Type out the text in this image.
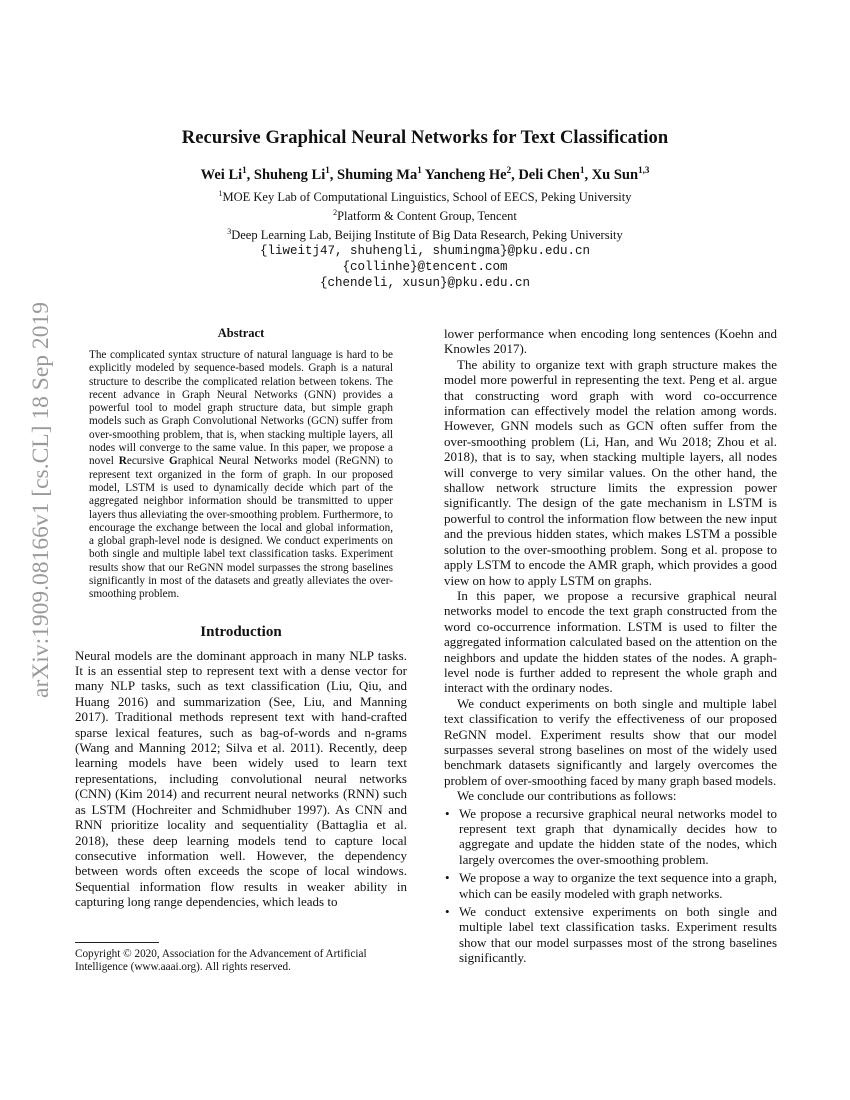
arXiv:1909.08166v1 [cs.CL] 18 Sep 2019
Recursive Graphical Neural Networks for Text Classification
Wei Li$^1$, Shuheng Li$^1$, Shuming Ma$^1$ Yancheng He$^2$, Deli Chen$^1$, Xu Sun$^{1,3}$
$^1$MOE Key Lab of Computational Linguistics, School of EECS, Peking University
$^2$Platform & Content Group, Tencent
$^3$Deep Learning Lab, Beijing Institute of Big Data Research, Peking University
{liweitj47, shuhengli, shumingma}@pku.edu.cn
{collinhe}@tencent.com
{chendeli, xusun}@pku.edu.cn
Abstract

The complicated syntax structure of natural language is hard to be explicitly modeled by sequence-based models. Graph is a natural structure to describe the complicated relation between tokens. The recent advance in Graph Neural Networks (GNN) provides a powerful tool to model graph structure data, but simple graph models such as Graph Convolutional Networks (GCN) suffer from over-smoothing problem, that is, when stacking multiple layers, all nodes will converge to the same value. In this paper, we propose a novel Recursive Graphical Neural Networks model (ReGNN) to represent text organized in the form of graph. In our proposed model, LSTM is used to dynamically decide which part of the aggregated neighbor information should be transmitted to upper layers thus alleviating the over-smoothing problem. Furthermore, to encourage the exchange between the local and global information, a global graph-level node is designed. We conduct experiments on both single and multiple label text classification tasks. Experiment results show that our ReGNN model surpasses the strong baselines significantly in most of the datasets and greatly alleviates the over-smoothing problem.

Introduction

Neural models are the dominant approach in many NLP tasks. It is an essential step to represent text with a dense vector for many NLP tasks, such as text classification (Liu, Qiu, and Huang 2016) and summarization (See, Liu, and Manning 2017). Traditional methods represent text with hand-crafted sparse lexical features, such as bag-of-words and n-grams (Wang and Manning 2012; Silva et al. 2011). Recently, deep learning models have been widely used to learn text representations, including convolutional neural networks (CNN) (Kim 2014) and recurrent neural networks (RNN) such as LSTM (Hochreiter and Schmidhuber 1997). As CNN and RNN prioritize locality and sequentiality (Battaglia et al. 2018), these deep learning models tend to capture local consecutive information well. However, the dependency between words often exceeds the scope of local windows. Sequential information flow results in weaker ability in capturing long range dependencies, which leads to

Copyright © 2020, Association for the Advancement of Artificial Intelligence (www.aaai.org). All rights reserved.

lower performance when encoding long sentences (Koehn and Knowles 2017).

The ability to organize text with graph structure makes the model more powerful in representing the text. Peng et al. argue that constructing word graph with word co-occurrence information can effectively model the relation among words. However, GNN models such as GCN often suffer from the over-smoothing problem (Li, Han, and Wu 2018; Zhou et al. 2018), that is to say, when stacking multiple layers, all nodes will converge to very similar values. On the other hand, the shallow network structure limits the expression power significantly. The design of the gate mechanism in LSTM is powerful to control the information flow between the new input and the previous hidden states, which makes LSTM a possible solution to the over-smoothing problem. Song et al. propose to apply LSTM to encode the AMR graph, which provides a good view on how to apply LSTM on graphs.

In this paper, we propose a recursive graphical neural networks model to encode the text graph constructed from the word co-occurrence information. LSTM is used to filter the aggregated information calculated based on the attention on the neighbors and update the hidden states of the nodes. A graph-level node is further added to represent the whole graph and interact with the ordinary nodes.

We conduct experiments on both single and multiple label text classification to verify the effectiveness of our proposed ReGNN model. Experiment results show that our model surpasses several strong baselines on most of the widely used benchmark datasets significantly and largely overcomes the problem of over-smoothing faced by many graph based models.

We conclude our contributions as follows:

• We propose a recursive graphical neural networks model to represent text graph that dynamically decides how to aggregate and update the hidden state of the nodes, which largely overcomes the over-smoothing problem.
• We propose a way to organize the text sequence into a graph, which can be easily modeled with graph networks.
• We conduct extensive experiments on both single and multiple label text classification tasks. Experiment results show that our model surpasses most of the strong baselines significantly.
